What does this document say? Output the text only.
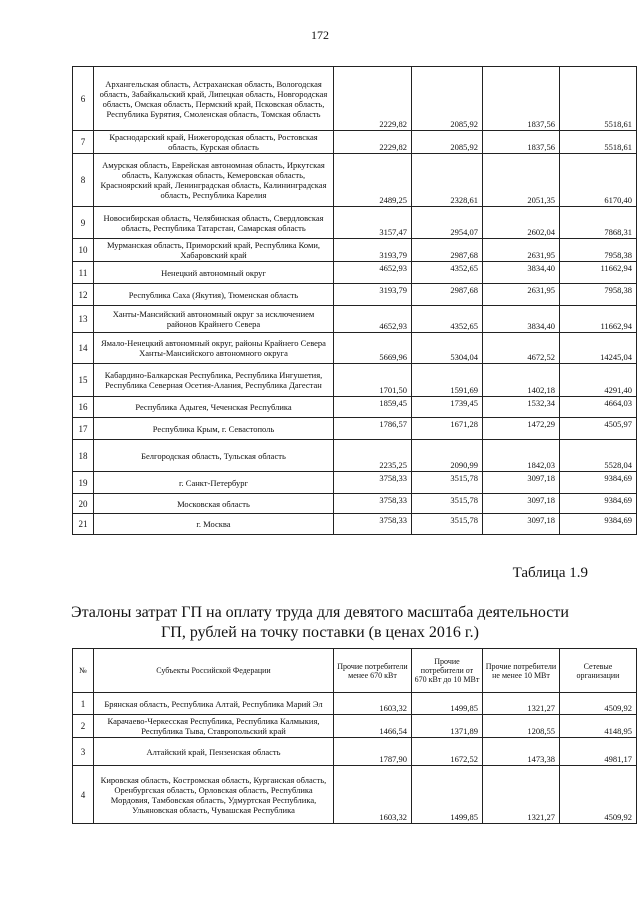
172
6	Архангельская область, Астраханская область, Вологодская область, Забайкальский край, Липецкая область, Новгородская область, Омская область, Пермский край, Псковская область, Республика Бурятия, Смоленская область, Томская область	2229,82	2085,92	1837,56	5518,61
7	Краснодарский край, Нижегородская область, Ростовская область, Курская область	2229,82	2085,92	1837,56	5518,61
8	Амурская область, Еврейская автономная область, Иркутская область, Калужская область, Кемеровская область, Красноярский край, Ленинградская область, Калининградская область, Республика Карелия	2489,25	2328,61	2051,35	6170,40
9	Новосибирская область, Челябинская область, Свердловская область, Республика Татарстан, Самарская область	3157,47	2954,07	2602,04	7868,31
10	Мурманская область, Приморский край, Республика Коми, Хабаровский край	3193,79	2987,68	2631,95	7958,38
11	Ненецкий автономный округ	4652,93	4352,65	3834,40	11662,94
12	Республика Саха (Якутия), Тюменская область	3193,79	2987,68	2631,95	7958,38
13	Ханты-Мансийский автономный округ за исключением районов Крайнего Севера	4652,93	4352,65	3834,40	11662,94
14	Ямало-Ненецкий автономный округ, районы Крайнего Севера Ханты-Мансийского автономного округа	5669,96	5304,04	4672,52	14245,04
15	Кабардино-Балкарская Республика, Республика Ингушетия, Республика Северная Осетия-Алания, Республика Дагестан	1701,50	1591,69	1402,18	4291,40
16	Республика Адыгея, Чеченская Республика	1859,45	1739,45	1532,34	4664,03
17	Республика Крым, г. Севастополь	1786,57	1671,28	1472,29	4505,97
18	Белгородская область, Тульская область	2235,25	2090,99	1842,03	5528,04
19	г. Санкт-Петербург	3758,33	3515,78	3097,18	9384,69
20	Московская область	3758,33	3515,78	3097,18	9384,69
21	г. Москва	3758,33	3515,78	3097,18	9384,69
Таблица 1.9
Эталоны затрат ГП на оплату труда для девятого масштаба деятельности
ГП, рублей на точку поставки (в ценах 2016 г.)
№	Субъекты Российской Федерации	Прочие потребители менее 670 кВт	Прочие потребители от 670 кВт до 10 МВт	Прочие потребители не менее 10 МВт	Сетевые организации
1	Брянская область, Республика Алтай, Республика Марий Эл	1603,32	1499,85	1321,27	4509,92
2	Карачаево-Черкесская Республика, Республика Калмыкия, Республика Тыва, Ставропольский край	1466,54	1371,89	1208,55	4148,95
3	Алтайский край, Пензенская область	1787,90	1672,52	1473,38	4981,17
4	Кировская область, Костромская область, Курганская область, Оренбургская область, Орловская область, Республика Мордовия, Тамбовская область, Удмуртская Республика, Ульяновская область, Чувашская Республика	1603,32	1499,85	1321,27	4509,92
